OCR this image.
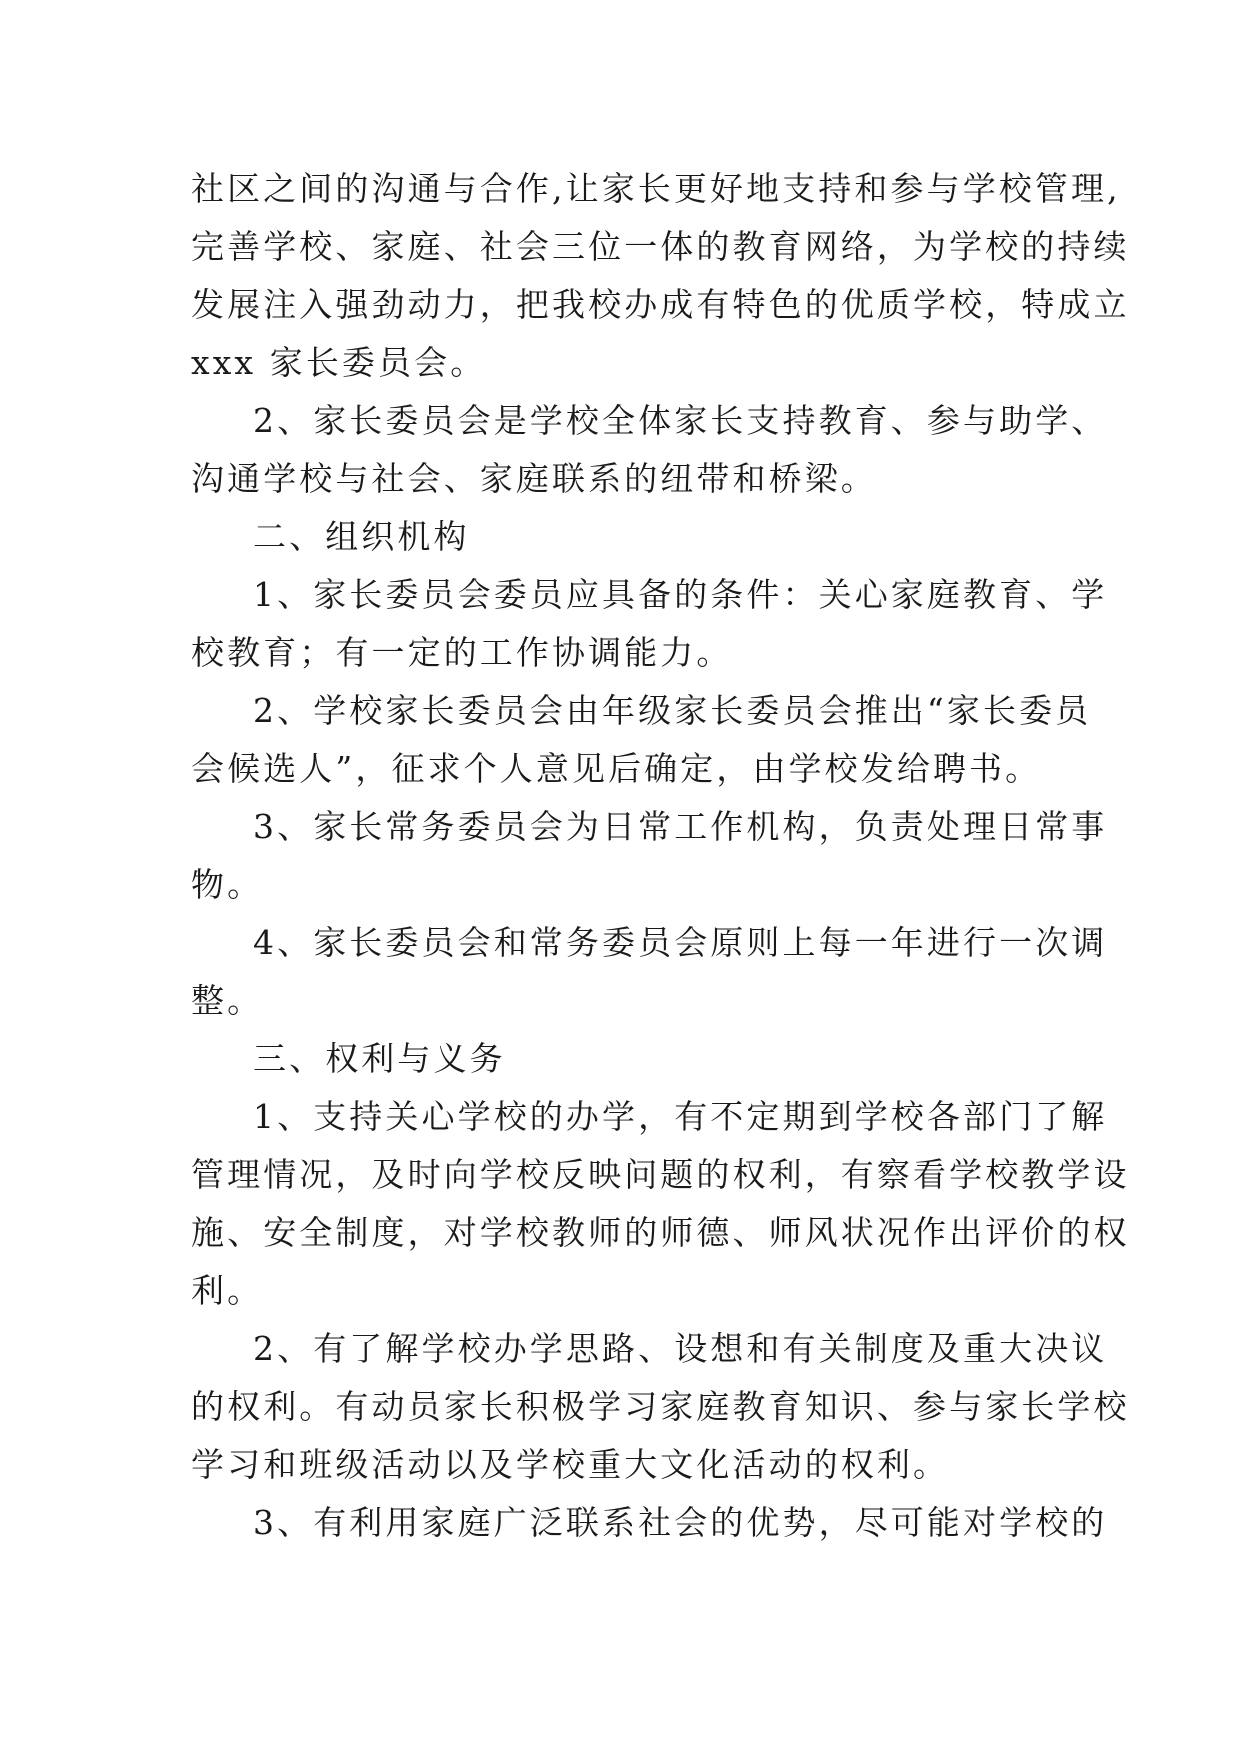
社区之间的沟通与合作,让家长更好地支持和参与学校管理,
完善学校、家庭、社会三位一体的教育网络，为学校的持续
发展注入强劲动力，把我校办成有特色的优质学校，特成立
xxx 家长委员会。
2、家长委员会是学校全体家长支持教育、参与助学、
沟通学校与社会、家庭联系的纽带和桥梁。
二、组织机构
1、家长委员会委员应具备的条件：关心家庭教育、学
校教育；有一定的工作协调能力。
2、学校家长委员会由年级家长委员会推出“家长委员
会候选人”，征求个人意见后确定，由学校发给聘书。
3、家长常务委员会为日常工作机构，负责处理日常事
物。
4、家长委员会和常务委员会原则上每一年进行一次调
整。
三、权利与义务
1、支持关心学校的办学，有不定期到学校各部门了解
管理情况，及时向学校反映问题的权利，有察看学校教学设
施、安全制度，对学校教师的师德、师风状况作出评价的权
利。
2、有了解学校办学思路、设想和有关制度及重大决议
的权利。有动员家长积极学习家庭教育知识、参与家长学校
学习和班级活动以及学校重大文化活动的权利。
3、有利用家庭广泛联系社会的优势，尽可能对学校的
